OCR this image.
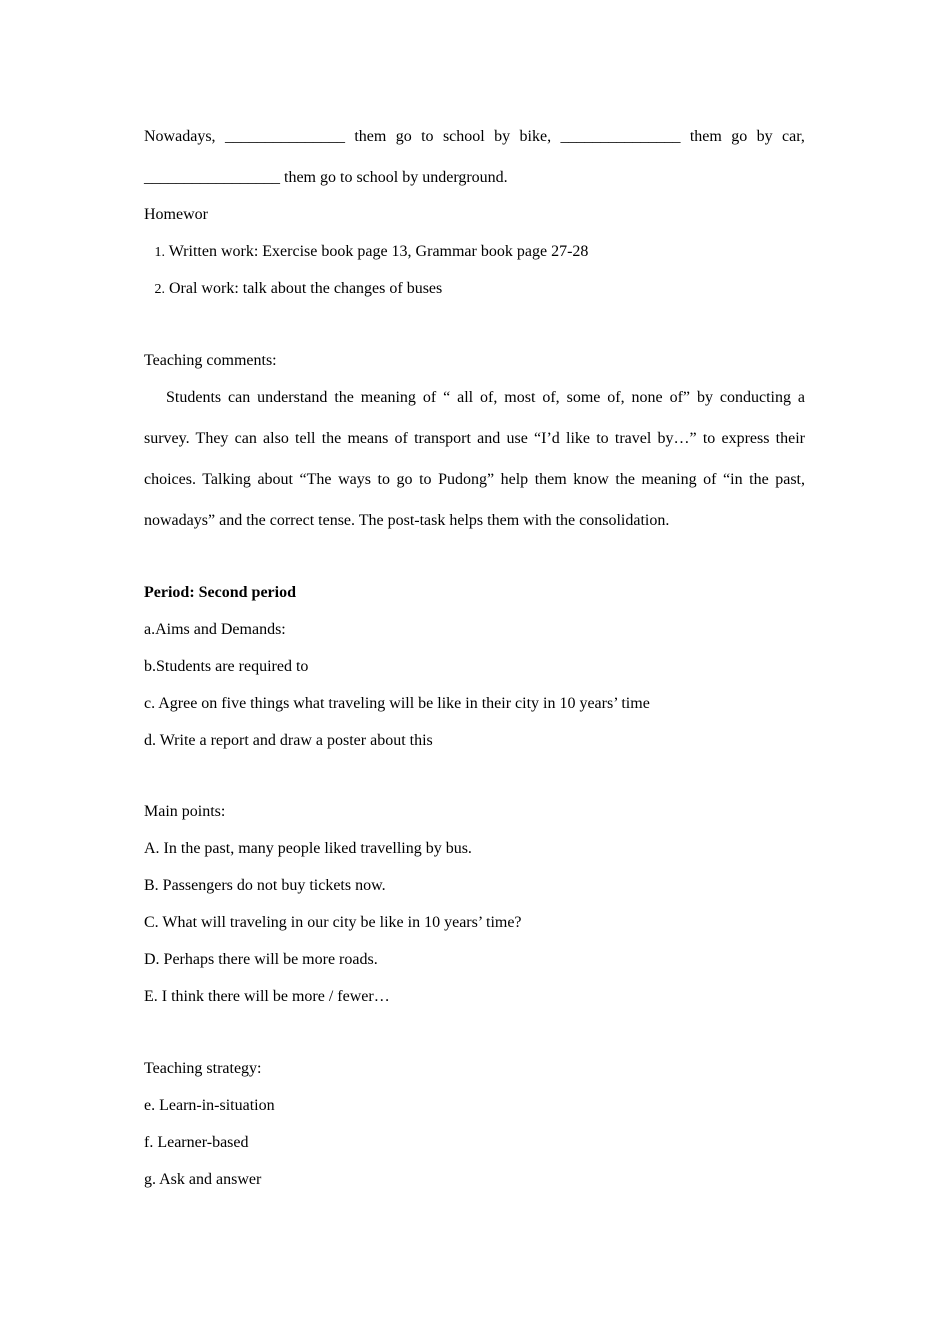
Nowadays, _______________ them go to school by bike, _______________ them go by car,
_________________ them go to school by underground.
Homewor
1. Written work: Exercise book page 13, Grammar book page 27-28
2. Oral work: talk about the changes of buses
Teaching comments:
Students can understand the meaning of “ all of, most of, some of, none of” by conducting a
survey. They can also tell the means of transport and use “I’d like to travel by…” to express their
choices. Talking about “The ways to go to Pudong” help them know the meaning of “in the past,
nowadays” and the correct tense. The post-task helps them with the consolidation.
Period: Second period
a.Aims and Demands:
b.Students are required to
c. Agree on five things what traveling will be like in their city in 10 years’ time
d. Write a report and draw a poster about this
Main points:
A. In the past, many people liked travelling by bus.
B. Passengers do not buy tickets now.
C. What will traveling in our city be like in 10 years’ time?
D. Perhaps there will be more roads.
E. I think there will be more / fewer…
Teaching strategy:
e. Learn-in-situation
f. Learner-based
g. Ask and answer
